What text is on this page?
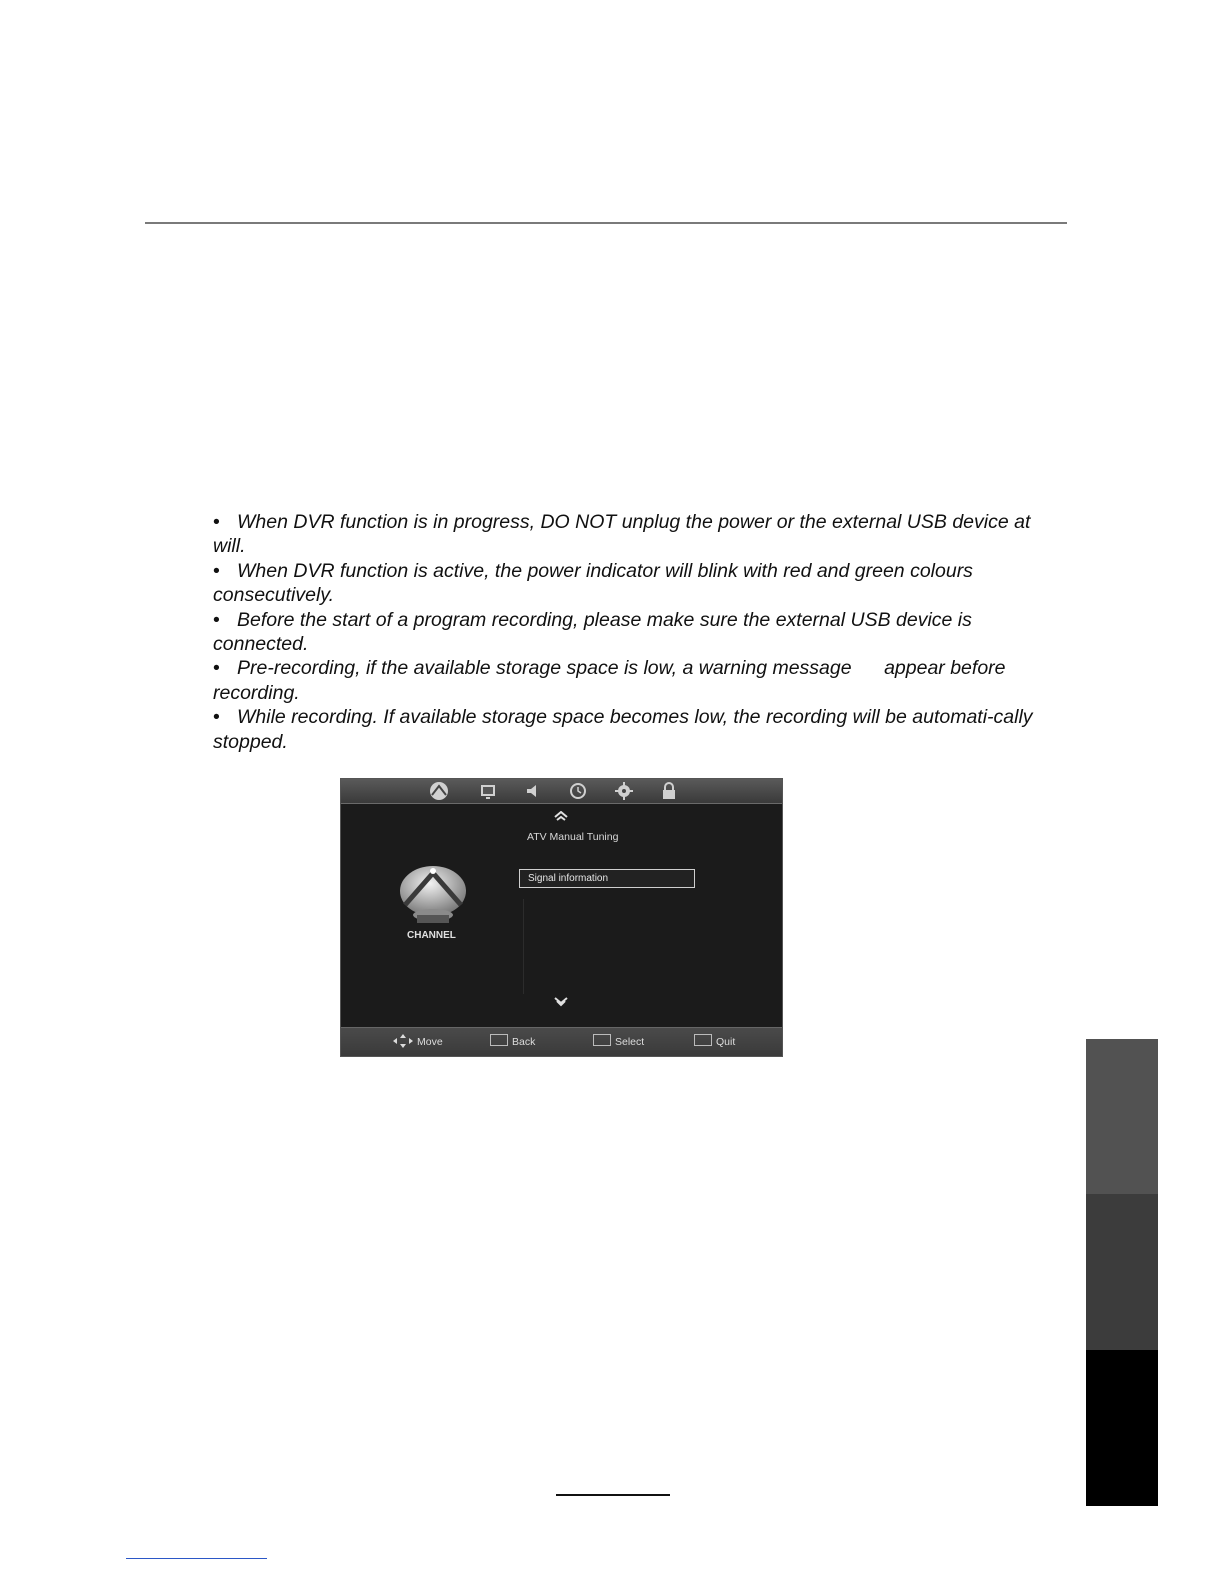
• When DVR function is in progress, DO NOT unplug the power or the external USB device at will.

• When DVR function is active, the power indicator will blink with red and green colours consecutively.

• Before the start of a program recording, please make sure the external USB device is connected.

• Pre-recording, if the available storage space is low, a warning message      appear before recording.

• While recording. If available storage space becomes low, the recording will be automati-cally stopped.

ATV Manual Tuning
Signal information
CHANNEL
Move	Back	Select	Quit
